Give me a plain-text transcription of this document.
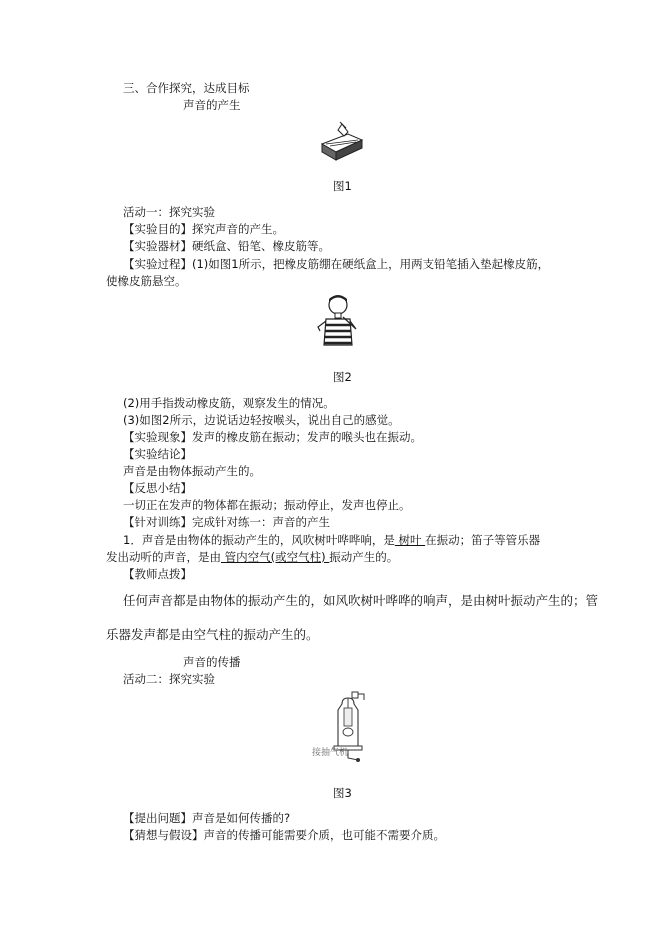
三、合作探究，达成目标
声音的产生
图1
活动一：探究实验
【实验目的】探究声音的产生。
【实验器材】硬纸盒、铅笔、橡皮筋等。
【实验过程】(1)如图1所示，把橡皮筋绷在硬纸盒上，用两支铅笔插入垫起橡皮筋，
使橡皮筋悬空。
图2
(2)用手指拨动橡皮筋，观察发生的情况。
(3)如图2所示，边说话边轻按喉头，说出自己的感觉。
【实验现象】发声的橡皮筋在振动；发声的喉头也在振动。
【实验结论】
声音是由物体振动产生的。
【反思小结】
一切正在发声的物体都在振动；振动停止，发声也停止。
【针对训练】完成针对练一：声音的产生
1．声音是由物体的振动产生的，风吹树叶哗哗响，是 树叶 在振动；笛子等管乐器
发出动听的声音，是由 管内空气(或空气柱) 振动产生的。
【教师点拨】
任何声音都是由物体的振动产生的，如风吹树叶哗哗的响声，是由树叶振动产生的；管
乐器发声都是由空气柱的振动产生的。
声音的传播
活动二：探究实验
接抽气机
图3
【提出问题】声音是如何传播的?
【猜想与假设】声音的传播可能需要介质，也可能不需要介质。
